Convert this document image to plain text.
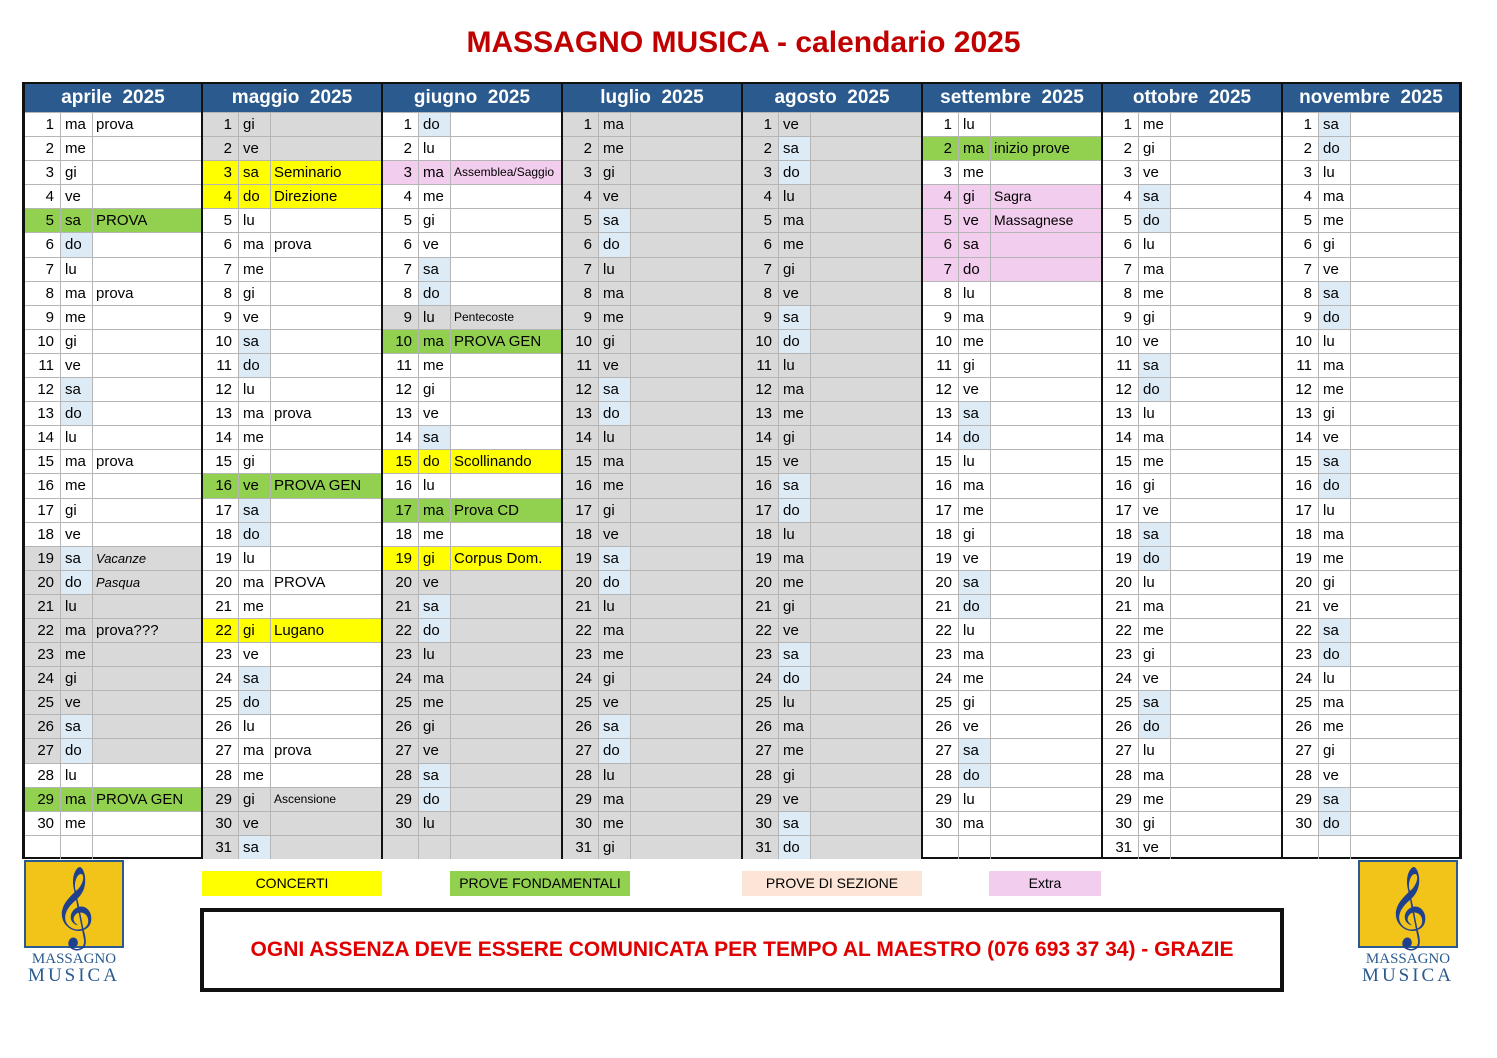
MASSAGNO MUSICA - calendario 2025
aprile  2025
1 ma prova
2 me
3 gi
4 ve
5 sa	PROVA
6 do
7 lu
8 ma prova
9 me
10 gi
11 ve
12 sa
13 do
14 lu
15 ma prova
16 me
17 gi
18 ve
19 sa	Vacanze
20 do	Pasqua
21 lu
22 ma prova???
23 me
24 gi
25 ve
26 sa
27 do
28 lu
29 ma PROVA GEN
30 me
maggio  2025
1 gi
2 ve
3 sa	Seminario
4 do Direzione
5 lu
6 ma prova
7 me
8 gi
9 ve
10 sa
11 do
12 lu
13 ma prova
14 me
15 gi
16 ve	PROVA GEN
17 sa
18 do
19 lu
20 ma PROVA
21 me
22 gi	Lugano
23 ve
24 sa
25 do
26 lu
27 ma prova
28 me
29 gi	Ascensione
30 ve
31 sa
giugno  2025
1 do
2 lu
3 ma Assemblea/Saggio
4 me
5 gi
6 ve
7 sa
8 do
9 lu	Pentecoste
10 ma PROVA GEN
11 me
12 gi
13 ve
14 sa
15 do Scollinando
16 lu
17 ma Prova CD
18 me
19 gi	Corpus Dom.
20 ve
21 sa
22 do
23 lu
24 ma
25 me
26 gi
27 ve
28 sa
29 do
30 lu
luglio  2025
1 ma
2 me
3 gi
4 ve
5 sa
6 do
7 lu
8 ma
9 me
10 gi
11 ve
12 sa
13 do
14 lu
15 ma
16 me
17 gi
18 ve
19 sa
20 do
21 lu
22 ma
23 me
24 gi
25 ve
26 sa
27 do
28 lu
29 ma
30 me
31 gi
agosto  2025
1 ve
2 sa
3 do
4 lu
5 ma
6 me
7 gi
8 ve
9 sa
10 do
11 lu
12 ma
13 me
14 gi
15 ve
16 sa
17 do
18 lu
19 ma
20 me
21 gi
22 ve
23 sa
24 do
25 lu
26 ma
27 me
28 gi
29 ve
30 sa
31 do
settembre  2025
1 lu
2 ma inizio prove
3 me
4 gi	Sagra
5 ve	Massagnese
6 sa
7 do
8 lu
9 ma
10 me
11 gi
12 ve
13 sa
14 do
15 lu
16 ma
17 me
18 gi
19 ve
20 sa
21 do
22 lu
23 ma
24 me
25 gi
26 ve
27 sa
28 do
29 lu
30 ma
ottobre  2025
1 me
2 gi
3 ve
4 sa
5 do
6 lu
7 ma
8 me
9 gi
10 ve
11 sa
12 do
13 lu
14 ma
15 me
16 gi
17 ve
18 sa
19 do
20 lu
21 ma
22 me
23 gi
24 ve
25 sa
26 do
27 lu
28 ma
29 me
30 gi
31 ve
novembre  2025
1 sa
2 do
3 lu
4 ma
5 me
6 gi
7 ve
8 sa
9 do
10 lu
11 ma
12 me
13 gi
14 ve
15 sa
16 do
17 lu
18 ma
19 me
20 gi
21 ve
22 sa
23 do
24 lu
25 ma
26 me
27 gi
28 ve
29 sa
30 do
CONCERTI	PROVE FONDAMENTALI	PROVE DI SEZIONE	Extra
OGNI ASSENZA DEVE ESSERE COMUNICATA PER TEMPO AL MAESTRO (076 693 37 34) - GRAZIE
𝄞
MASSAGNO
MUSICA
𝄞
MASSAGNO
MUSICA
